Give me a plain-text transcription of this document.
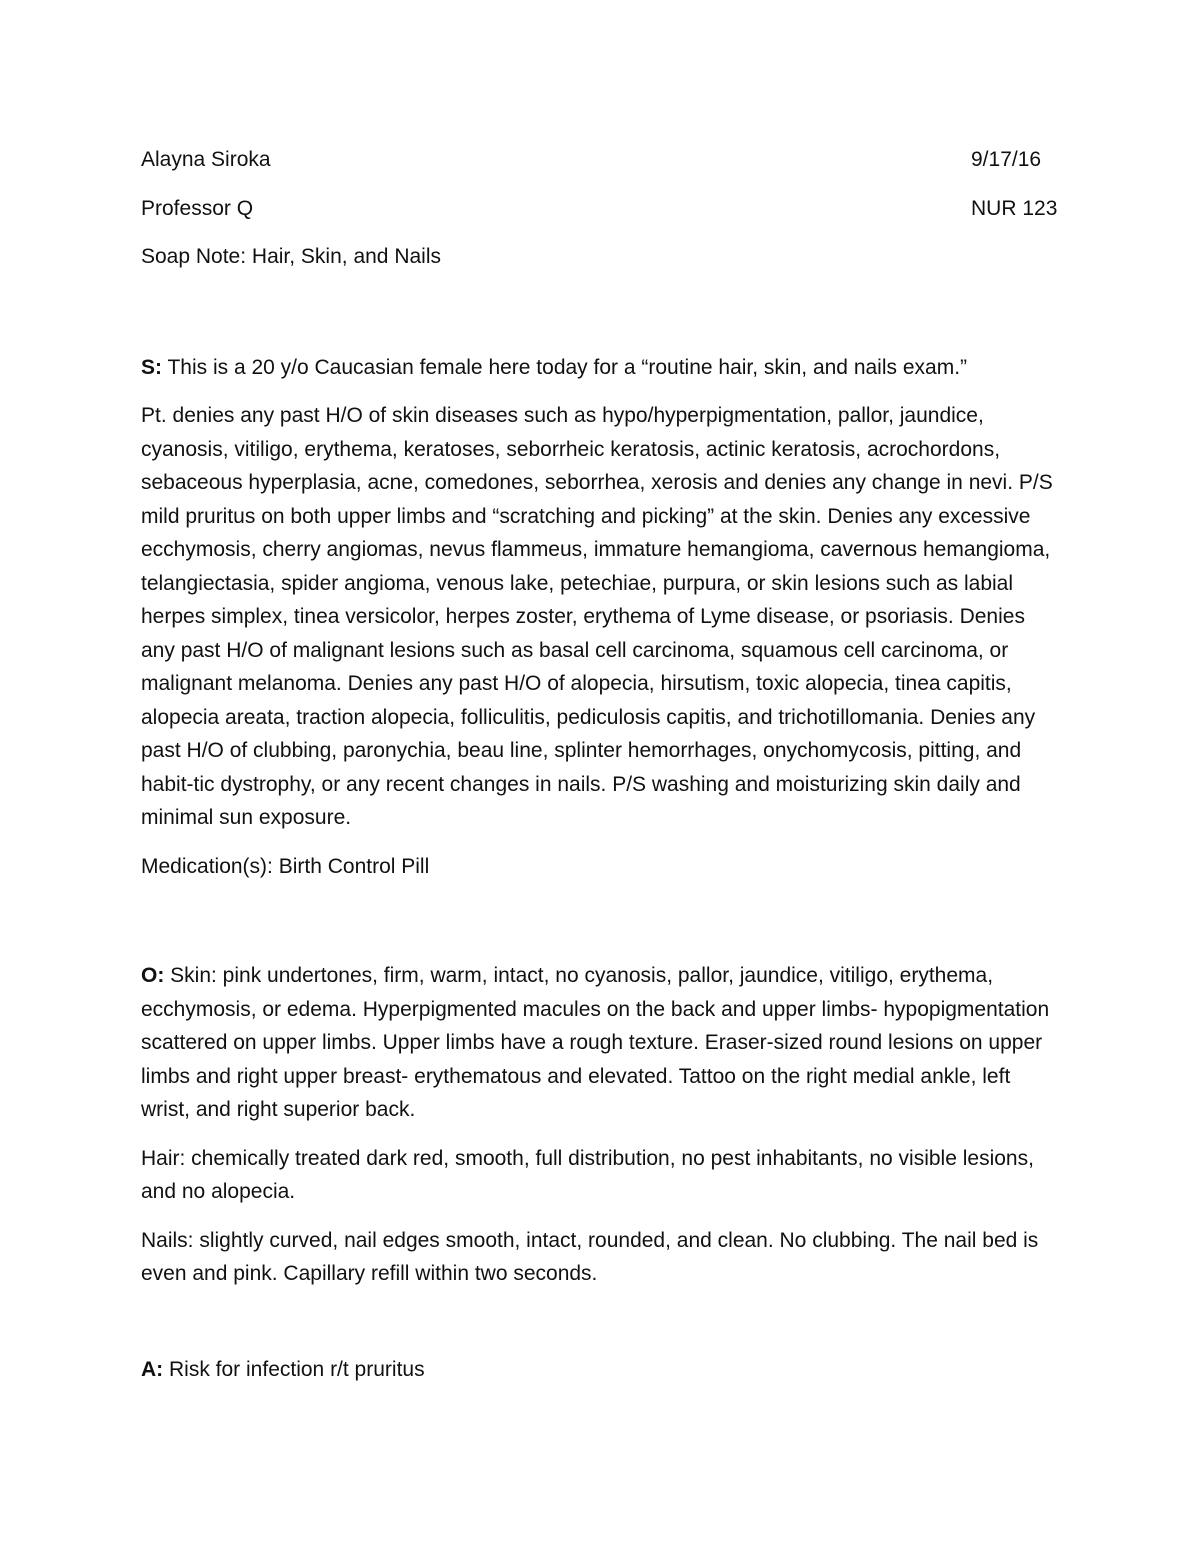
Alayna Siroka	9/17/16
Professor Q	NUR 123
Soap Note: Hair, Skin, and Nails
S: This is a 20 y/o Caucasian female here today for a “routine hair, skin, and nails exam.”
Pt. denies any past H/O of skin diseases such as hypo/hyperpigmentation, pallor, jaundice, cyanosis, vitiligo, erythema, keratoses, seborrheic keratosis, actinic keratosis, acrochordons, sebaceous hyperplasia, acne, comedones, seborrhea, xerosis and denies any change in nevi. P/S mild pruritus on both upper limbs and “scratching and picking” at the skin. Denies any excessive ecchymosis, cherry angiomas, nevus flammeus, immature hemangioma, cavernous hemangioma, telangiectasia, spider angioma, venous lake, petechiae, purpura, or skin lesions such as labial herpes simplex, tinea versicolor, herpes zoster, erythema of Lyme disease, or psoriasis. Denies any past H/O of malignant lesions such as basal cell carcinoma, squamous cell carcinoma, or malignant melanoma. Denies any past H/O of alopecia, hirsutism, toxic alopecia, tinea capitis, alopecia areata, traction alopecia, folliculitis, pediculosis capitis, and trichotillomania. Denies any past H/O of clubbing, paronychia, beau line, splinter hemorrhages, onychomycosis, pitting, and habit-tic dystrophy, or any recent changes in nails. P/S washing and moisturizing skin daily and minimal sun exposure.
Medication(s): Birth Control Pill
O: Skin: pink undertones, firm, warm, intact, no cyanosis, pallor, jaundice, vitiligo, erythema, ecchymosis, or edema. Hyperpigmented macules on the back and upper limbs- hypopigmentation scattered on upper limbs. Upper limbs have a rough texture. Eraser-sized round lesions on upper limbs and right upper breast- erythematous and elevated. Tattoo on the right medial ankle, left wrist, and right superior back.
Hair: chemically treated dark red, smooth, full distribution, no pest inhabitants, no visible lesions, and no alopecia.
Nails: slightly curved, nail edges smooth, intact, rounded, and clean. No clubbing. The nail bed is even and pink. Capillary refill within two seconds.
A: Risk for infection r/t pruritus
